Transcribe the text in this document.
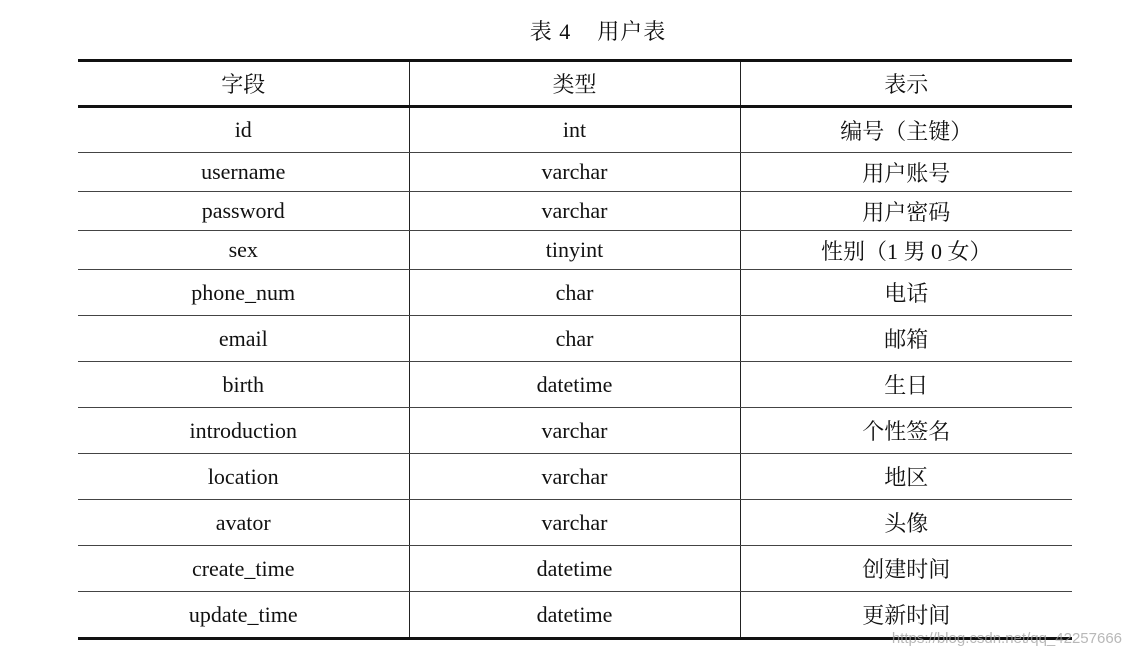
表 4 用户表
字段	类型	表示
id	int	编号（主键）
username	varchar	用户账号
password	varchar	用户密码
sex	tinyint	性别（1 男 0 女）
phone_num	char	电话
email	char	邮箱
birth	datetime	生日
introduction	varchar	个性签名
location	varchar	地区
avator	varchar	头像
create_time	datetime	创建时间
update_time	datetime	更新时间
https://blog.csdn.net/qq_42257666
